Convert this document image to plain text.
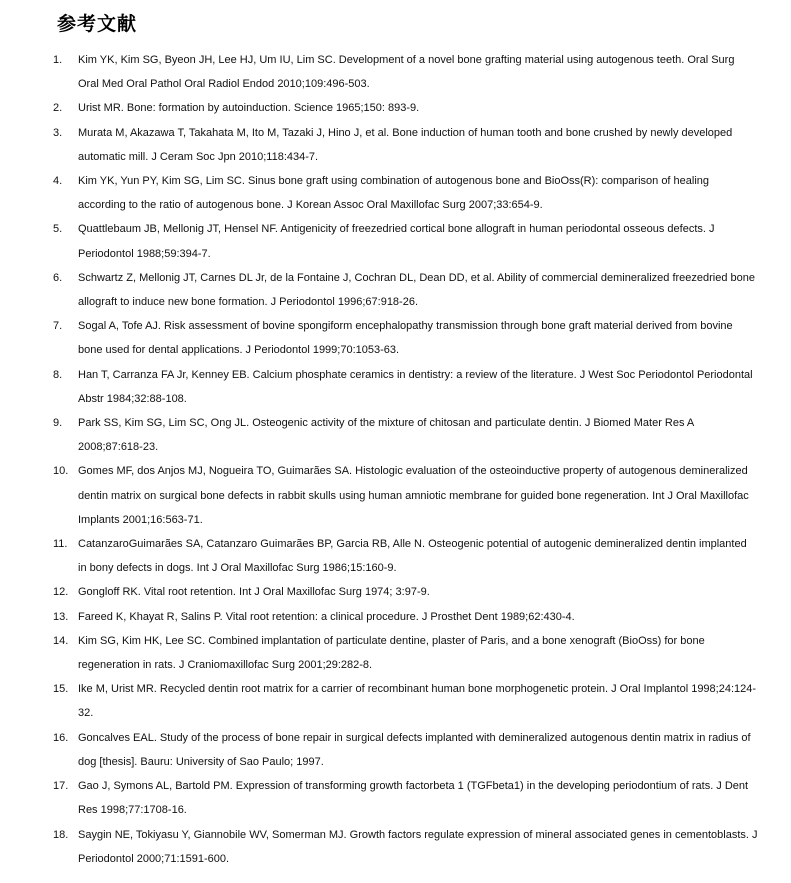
参考文献
1.	Kim YK, Kim SG, Byeon JH, Lee HJ, Um IU, Lim SC. Development of a novel bone grafting material using autogenous teeth. Oral Surg Oral Med Oral Pathol Oral Radiol Endod 2010;109:496-503.
2.	Urist MR. Bone: formation by autoinduction. Science 1965;150: 893-9.
3.	Murata M, Akazawa T, Takahata M, Ito M, Tazaki J, Hino J, et al. Bone induction of human tooth and bone crushed by newly developed automatic mill. J Ceram Soc Jpn 2010;118:434-7.
4.	Kim YK, Yun PY, Kim SG, Lim SC. Sinus bone graft using combination of autogenous bone and BioOss(R): comparison of healing according to the ratio of autogenous bone. J Korean Assoc Oral Maxillofac Surg 2007;33:654-9.
5.	Quattlebaum JB, Mellonig JT, Hensel NF. Antigenicity of freezedried cortical bone allograft in human periodontal osseous defects. J Periodontol 1988;59:394-7.
6.	Schwartz Z, Mellonig JT, Carnes DL Jr, de la Fontaine J, Cochran DL, Dean DD, et al. Ability of commercial demineralized freezedried bone allograft to induce new bone formation. J Periodontol 1996;67:918-26.
7.	Sogal A, Tofe AJ. Risk assessment of bovine spongiform encephalopathy transmission through bone graft material derived from bovine bone used for dental applications. J Periodontol 1999;70:1053-63.
8.	Han T, Carranza FA Jr, Kenney EB. Calcium phosphate ceramics in dentistry: a review of the literature. J West Soc Periodontol Periodontal Abstr 1984;32:88-108.
9.	Park SS, Kim SG, Lim SC, Ong JL. Osteogenic activity of the mixture of chitosan and particulate dentin. J Biomed Mater Res A 2008;87:618-23.
10. Gomes MF, dos Anjos MJ, Nogueira TO, Guimarães SA. Histologic evaluation of the osteoinductive property of autogenous demineralized dentin matrix on surgical bone defects in rabbit skulls using human amniotic membrane for guided bone regeneration. Int J Oral Maxillofac Implants 2001;16:563-71.
11. CatanzaroGuimarães SA, Catanzaro Guimarães BP, Garcia RB, Alle N. Osteogenic potential of autogenic demineralized dentin implanted in bony defects in dogs. Int J Oral Maxillofac Surg 1986;15:160-9.
12. Gongloff RK. Vital root retention. Int J Oral Maxillofac Surg 1974; 3:97-9.
13. Fareed K, Khayat R, Salins P. Vital root retention: a clinical procedure. J Prosthet Dent 1989;62:430-4.
14. Kim SG, Kim HK, Lee SC. Combined implantation of particulate dentine, plaster of Paris, and a bone xenograft (BioOss) for bone regeneration in rats. J Craniomaxillofac Surg 2001;29:282-8.
15. Ike M, Urist MR. Recycled dentin root matrix for a carrier of recombinant human bone morphogenetic protein. J Oral Implantol 1998;24:124-32.
16. Goncalves EAL. Study of the process of bone repair in surgical defects implanted with demineralized autogenous dentin matrix in radius of dog [thesis]. Bauru: University of Sao Paulo; 1997.
17. Gao J, Symons AL, Bartold PM. Expression of transforming growth factorbeta 1 (TGFbeta1) in the developing periodontium of rats. J Dent Res 1998;77:1708-16.
18. Saygin NE, Tokiyasu Y, Giannobile WV, Somerman MJ. Growth factors regulate expression of mineral associated genes in cementoblasts. J Periodontol 2000;71:1591-600.
